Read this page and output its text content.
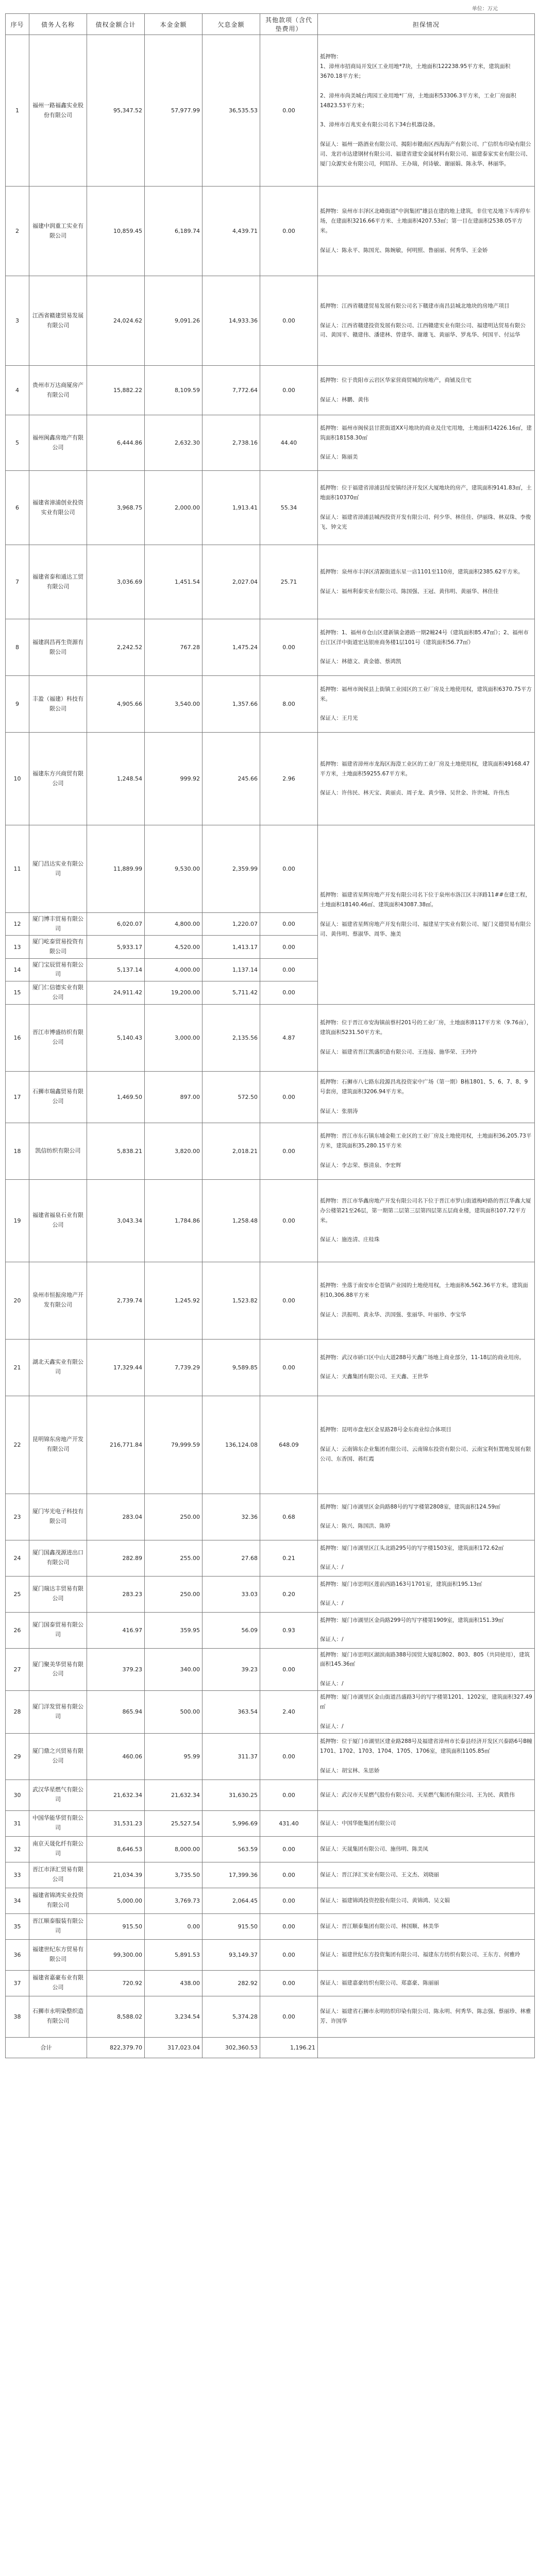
单位：万元
序号	债务人名称	债权金额合计	本金金额	欠息金额	其他款项（含代垫费用）	担保情况
1	福州一路福鑫实业股份有限公司	95,347.52	57,977.99	36,535.53	0.00	抵押物：
1、漳州市招商局开发区工业用地*7块，土地面积122238.95平方米，建筑面积3670.18平方米；

2、漳州市尚美城台湾园工业用地*厂房，土地面积53306.3平方米，工业厂房面积14823.53平方米；

3、漳州市百兆实业有限公司名下34台机器设备。

保证人：福州一路酒业有限公司、揭阳市赣南区西海海产有限公司、广信织布印染有限公司、龙岩市达建钢材有限公司、福建省建安金属材料有限公司、福建泰家实业有限公司、厦门众源实业有限公司，何昭昂、王办瑞，何诗敏、谢丽娟、陈永华、林丽华。

2	福建中润重工实业有限公司	10,859.45	6,189.74	4,439.71	0.00	抵押物：泉州市丰泽区北峰街道"中润集团"雄县在建的地上建筑，非住宅及地下车库停车场，在建面积3216.66平方米、土地面积4207.53㎡；第一目在建面积2538.05平方米。

保证人：陈永平、陈国光、陈婉敏，何明照、鲁丽丽、何秀华、王金娇

3	江西省赣建贸易发展有限公司	24,024.62	9,091.26	14,933.36	0.00	抵押物：江西省赣建贸易发展有限公司名下赣建市南昌县城北地块的房地产项目

保证人：江西省赣建投资发展有限公司、江西赣建实业有限公司、福建明达贸易有限公司、黄国平、赣建伟、潘建林、曾建华、谢雄飞、黄丽华、罗兆华、何国平、付运华

4	贵州市万达商厦房产有限公司	15,882.22	8,109.59	7,772.64	0.00	抵押物：位于贵阳市云岩区华家营商贸城的房地产，商铺及住宅

保证人：林鹏、黄伟

5	福州闽鑫房地产有限公司	6,444.86	2,632.30	2,738.16	44.40	抵押物：福州市闽侯县甘蔗街道XX号地块的商业及住宅用地，土地面积14226.16㎡，建筑面积18158.30㎡

保证人：陈丽美

6	福建省漳浦创业投资实业有限公司	3,968.75	2,000.00	1,913.41	55.34	抵押物：位于福建省漳浦县绥安镇经济开发区大厦地块的房产，建筑面积9141.83㎡，土地面积10370㎡

保证人：福建省漳浦县城西投资开发有限公司、何少华、林佳佳、伊丽珠、林双珠、李俊飞、钟文光

7	福建省泰和通达工贸有限公司	3,036.69	1,451.54	2,027.04	25.71	抵押物：泉州市丰泽区清源街道东星一店1101至110房，建筑面积2385.62平方米。

保证人：福州利泰实业有限公司、陈国强、王冠、黄伟明、黄丽华、林佳佳

8	福建润昌再生资源有限公司	2,242.52	767.28	1,475.24	0.00	抵押物：1、福州市仓山区建新镇金港路一期2幢24号（建筑面积85.47㎡）；2、福州市台江区洋中街道宏达银座商务楼1层101号（建筑面积56.77㎡）

保证人：林德文、黄金德、蔡鸿凯

9	丰盈（福建）科技有限公司	4,905.66	3,540.00	1,357.66	8.00	抵押物：福州市闽侯县上街镇工业园区的工业厂房及土地使用权，建筑面积6370.75平方米。

保证人：王月光

10	福建东方兴商贸有限公司	1,248.54	999.92	245.66	2.96	抵押物：福建省漳州市龙海区海澄工业区的工业厂房及土地使用权，建筑面积49168.47平方米，土地面积59255.67平方米。

保证人：许伟民、林天宝、黄丽贞、周子龙、黄少锋、吴世金、许世城、许伟杰

11	厦门昌达实业有限公司	11,889.99	9,530.00	2,359.99	0.00	抵押物：福建省星辉房地产开发有限公司名下位于泉州市洛江区丰泽路11##在建工程，土地面积18140.46㎡、建筑面积43087.38㎡。

保证人：福建省星辉房地产开发有限公司、福建星宇实业有限公司、厦门义德贸易有限公司、黄伟明、蔡淑华、周华、施美

12	厦门博丰贸易有限公司	6,020.07	4,800.00	1,220.07	0.00	
13	厦门屹泰贸易投资有限公司	5,933.17	4,520.00	1,413.17	0.00	
14	厦门宝辰贸易有限公司	5,137.14	4,000.00	1,137.14	0.00	
15	厦门仁信德实业有限公司	24,911.42	19,200.00	5,711.42	0.00	
16	晋江市博盛纺织有限公司	5,140.43	3,000.00	2,135.56	4.87	抵押物：位于晋江市安海镇前蔡村201号的工业厂房，土地面积8117平方米（9.76亩），建筑面积5231.50平方米。

保证人：福建省晋江凯盛织造有限公司、王连接、施华荣、王玲玲

17	石狮市瑞鑫贸易有限公司	1,469.50	897.00	572.50	0.00	抵押物：石狮市八七路东段源昌兆投资家中广场（第一期）B栋1801、5、6、7、8、9号套房，建筑面积3206.94平方米。

保证人：张朋涛

18	凯信纺织有限公司	5,838.21	3,820.00	2,018.21	0.00	抵押物：晋江市东石镇东埔金鞋工业区的工业厂房及土地使用权，土地面积36,205.73平方米，建筑面积35,280.15平方米

保证人：李志荣、蔡清泉、李宏辉

19	福建省福泉石业有限公司	3,043.34	1,784.86	1,258.48	0.00	抵押物：晋江市华鑫房地产开发有限公司名下位于晋江市罗山街道梅岭路的晋江华鑫大厦办公楼第21至26层，第一期第二层第三层第四层第五层商业楼，建筑面积107.72平方米。

保证人：施连清、庄桂珠

20	泉州市恒振房地产开发有限公司	2,739.74	1,245.92	1,523.82	0.00	抵押物：坐落于南安市仑苍镇产业园的土地使用权，土地面积6,562.36平方米。建筑面积10,306.88平方米

保证人：洪振明、黄永华、洪国强、张丽华、叶丽珍、李宝华

21	湖北天鑫实业有限公司	17,329.44	7,739.29	9,589.85	0.00	抵押物：武汉市硚口区中山大道288号天鑫广场地上商业部分，11-18层的商业用房。

保证人：天鑫集团有限公司、王天鑫、王世华

22	昆明锦东房地产开发有限公司	216,771.84	79,999.59	136,124.08	648.09	抵押物：昆明市盘龙区金星路28号金东商业综合体项目

保证人：云南锦东企业集团有限公司、云南锦东投资有限公司、云南宝利恒置地发展有限公司、东香国、蒋红霞

23	厦门岑光电子科技有限公司	283.04	250.00	32.36	0.68	抵押物：厦门市湖里区金尚路88号的写字楼第2808室，建筑面积124.59㎡

保证人：陈兴、陈国洪、陈婷

24	厦门国鑫茂源进出口有限公司	282.89	255.00	27.68	0.21	抵押物：厦门市湖里区江头北路295号的写字楼1503室，建筑面积172.62㎡

保证人：/

25	厦门瑞达丰贸易有限公司	283.23	250.00	33.03	0.20	抵押物：厦门市思明区莲前西路163号1701室，建筑面积195.13㎡

保证人：/

26	厦门国泰贸易有限公司	416.97	359.95	56.09	0.93	抵押物：厦门市湖里区金尚路299号的写字楼第1909室，建筑面积151.39㎡

保证人：/

27	厦门聚美华贸易有限公司	379.23	340.00	39.23	0.00	抵押物：厦门市思明区湖滨南路388号国贸大厦8层802、803、805（共同使用），建筑面积145.36㎡

保证人：/

28	厦门洋发贸易有限公司	865.94	500.00	363.54	2.40	抵押物：厦门市湖里区金山街道昌盛路3号的写字楼第1201、1202室，建筑面积327.49㎡

保证人：/

29	厦门鼎之兴贸易有限公司	460.06	95.99	311.37	0.00	抵押物：位于厦门市湖里区建业路288号及福建省漳州市长泰县经济开发区兴泰路6号B幢1701、1702、1703、1704、1705、1706室，建筑面积1105.85㎡

保证人：胡宝林、朱思娇

30	武汉华星燃气有限公司	21,632.34	21,632.34	31,630.25	0.00	保证人：武汉市天星燃气股份有限公司、天星燃气集团有限公司、王为民、黄胜伟

31	中国华能华贸有限公司	31,531.23	25,527.54	5,996.69	431.40	保证人：中国华能集团有限公司

32	南京天晟化纤有限公司	8,646.53	8,000.00	563.59	0.00	保证人：天晟集团有限公司、施伟明、陈美凤

33	晋江市泽汇贸易有限公司	21,034.39	3,735.50	17,399.36	0.00	保证人：晋江泽汇实业有限公司、王文杰、刘晓丽

34	福建省锦鸿实业投资有限公司	5,000.00	3,769.73	2,064.45	0.00	保证人：福建锦鸿投资控股有限公司、黄锦鸿、吴文娟

35	晋江顺泰服装有限公司	915.50	0.00	915.50	0.00	保证人：晋江顺泰集团有限公司、林国顺、林美华

36	福建世纪东方贸易有限公司	99,300.00	5,891.53	93,149.37	0.00	保证人：福建世纪东方投资集团有限公司、福建东方纺织有限公司、王东方、何雅玲

37	福建省嘉豪布业有限公司	720.92	438.00	282.92	0.00	保证人：福建嘉豪纺织有限公司、郑嘉豪、陈丽丽

38	石狮市永明染整织造有限公司	8,588.02	3,234.54	5,374.28	0.00	保证人：福建省石狮市永明纺织印染有限公司、陈永明、何秀华、陈志强、蔡丽珍、林雅芳、许国华

合计		822,379.70	317,023.04	302,360.53	1,196.21	
